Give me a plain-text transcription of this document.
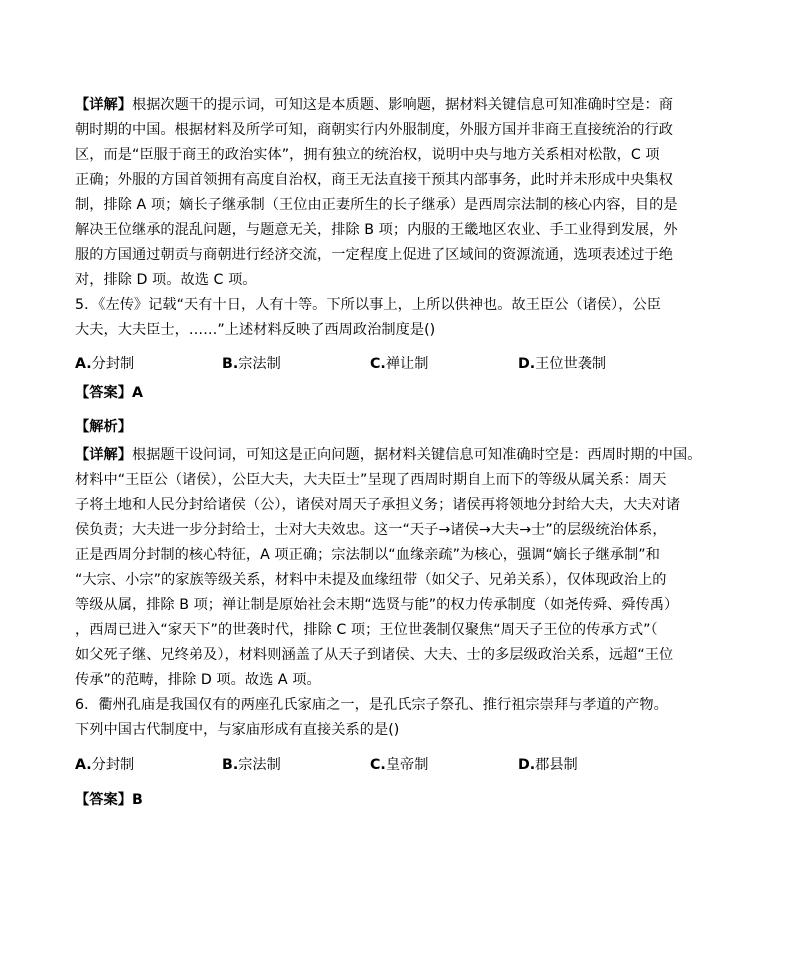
【详解】根据次题干的提示词，可知这是本质题、影响题，据材料关键信息可知准确时空是：商
朝时期的中国。根据材料及所学可知，商朝实行内外服制度，外服方国并非商王直接统治的行政
区，而是“臣服于商王的政治实体”，拥有独立的统治权，说明中央与地方关系相对松散，C 项
正确；外服的方国首领拥有高度自治权，商王无法直接干预其内部事务，此时并未形成中央集权
制，排除 A 项；嫡长子继承制（王位由正妻所生的长子继承）是西周宗法制的核心内容，目的是
解决王位继承的混乱问题，与题意无关，排除 B 项；内服的王畿地区农业、手工业得到发展，外
服的方国通过朝贡与商朝进行经济交流，一定程度上促进了区域间的资源流通，选项表述过于绝
对，排除 D 项。故选 C 项。
5．《左传》记载“天有十日，人有十等。下所以事上，上所以供神也。故王臣公（诸侯），公臣
大夫，大夫臣士，……”上述材料反映了西周政治制度是()
A.分封制	B.宗法制	C.禅让制	D.王位世袭制
【答案】A
【解析】
【详解】根据题干设问词，可知这是正向问题，据材料关键信息可知准确时空是：西周时期的中国。
材料中“王臣公（诸侯），公臣大夫，大夫臣士”呈现了西周时期自上而下的等级从属关系：周天
子将土地和人民分封给诸侯（公），诸侯对周天子承担义务；诸侯再将领地分封给大夫，大夫对诸
侯负责；大夫进一步分封给士，士对大夫效忠。这一“天子→诸侯→大夫→士”的层级统治体系，
正是西周分封制的核心特征，A 项正确；宗法制以“血缘亲疏”为核心，强调“嫡长子继承制”和
“大宗、小宗”的家族等级关系，材料中未提及血缘纽带（如父子、兄弟关系），仅体现政治上的
等级从属，排除 B 项；禅让制是原始社会末期“选贤与能”的权力传承制度（如尧传舜、舜传禹）
，西周已进入“家天下”的世袭时代，排除 C 项；王位世袭制仅聚焦“周天子王位的传承方式”（
如父死子继、兄终弟及），材料则涵盖了从天子到诸侯、大夫、士的多层级政治关系，远超“王位
传承”的范畴，排除 D 项。故选 A 项。
6．衢州孔庙是我国仅有的两座孔氏家庙之一，是孔氏宗子祭孔、推行祖宗崇拜与孝道的产物。
下列中国古代制度中，与家庙形成有直接关系的是()
A.分封制	B.宗法制	C.皇帝制	D.郡县制
【答案】B
